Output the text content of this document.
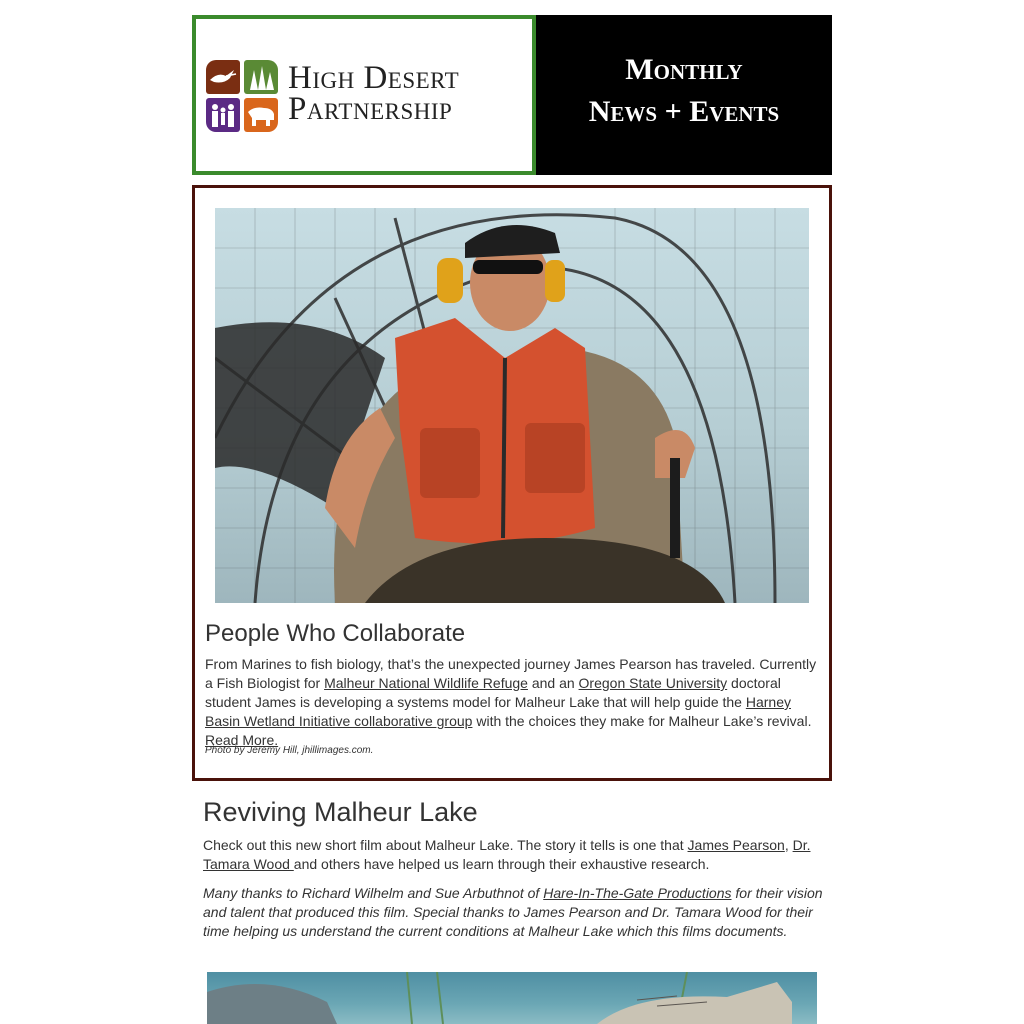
High Desert
Partnership
Monthly
News + Events
People Who Collaborate

From Marines to fish biology, that’s the unexpected journey James Pearson has traveled. Currently a Fish Biologist for Malheur National Wildlife Refuge and an Oregon State University doctoral student James is developing a systems model for Malheur Lake that will help guide the Harney Basin Wetland Initiative collaborative group with the choices they make for Malheur Lake’s revival. Read More.

Photo by Jeremy Hill, jhillimages.com.

Reviving Malheur Lake

Check out this new short film about Malheur Lake. The story it tells is one that James Pearson, Dr. Tamara Wood and others have helped us learn through their exhaustive research.

Many thanks to Richard Wilhelm and Sue Arbuthnot of Hare-In-The-Gate Productions for their vision and talent that produced this film. Special thanks to James Pearson and Dr. Tamara Wood for their time helping us understand the current conditions at Malheur Lake which this films documents.
